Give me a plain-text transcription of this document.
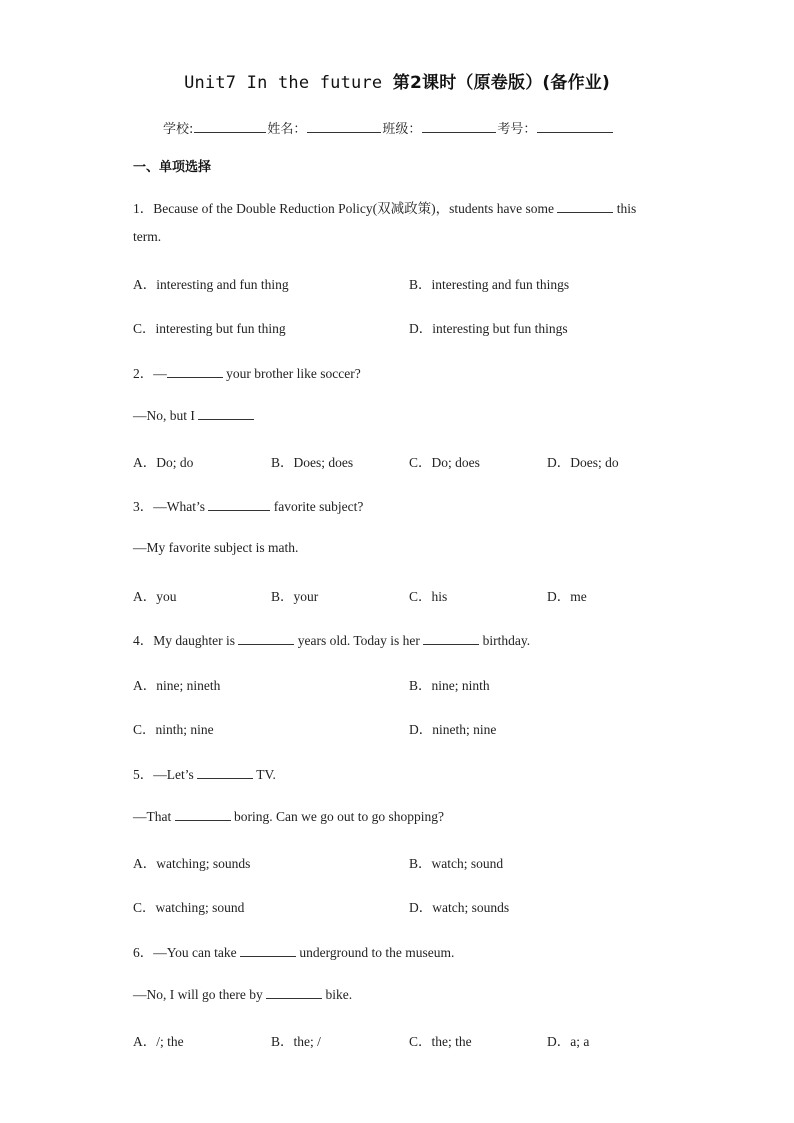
Unit7 In the future 第2课时（原卷版）(备作业)
学校:	姓名：	班级：	考号：
一、单项选择
1．Because of the Double Reduction Policy(双减政策)，students have some	this
term.
A．interesting and fun thing	B．interesting and fun things
C．interesting but fun thing	D．interesting but fun things
2．—	your brother like soccer?
—No, but I
A．Do; do	B．Does; does	C．Do; does	D．Does; do
3．—What’s	favorite subject?
—My favorite subject is math.
A．you	B．your	C．his	D．me
4．My daughter is	years old. Today is her	birthday.
A．nine; nineth	B．nine; ninth
C．ninth; nine	D．nineth; nine
5．—Let’s	TV.
—That	boring. Can we go out to go shopping?
A．watching; sounds	B．watch; sound
C．watching; sound	D．watch; sounds
6．—You can take	underground to the museum.
—No, I will go there by	bike.
A．/; the	B．the; /	C．the; the	D．a; a
